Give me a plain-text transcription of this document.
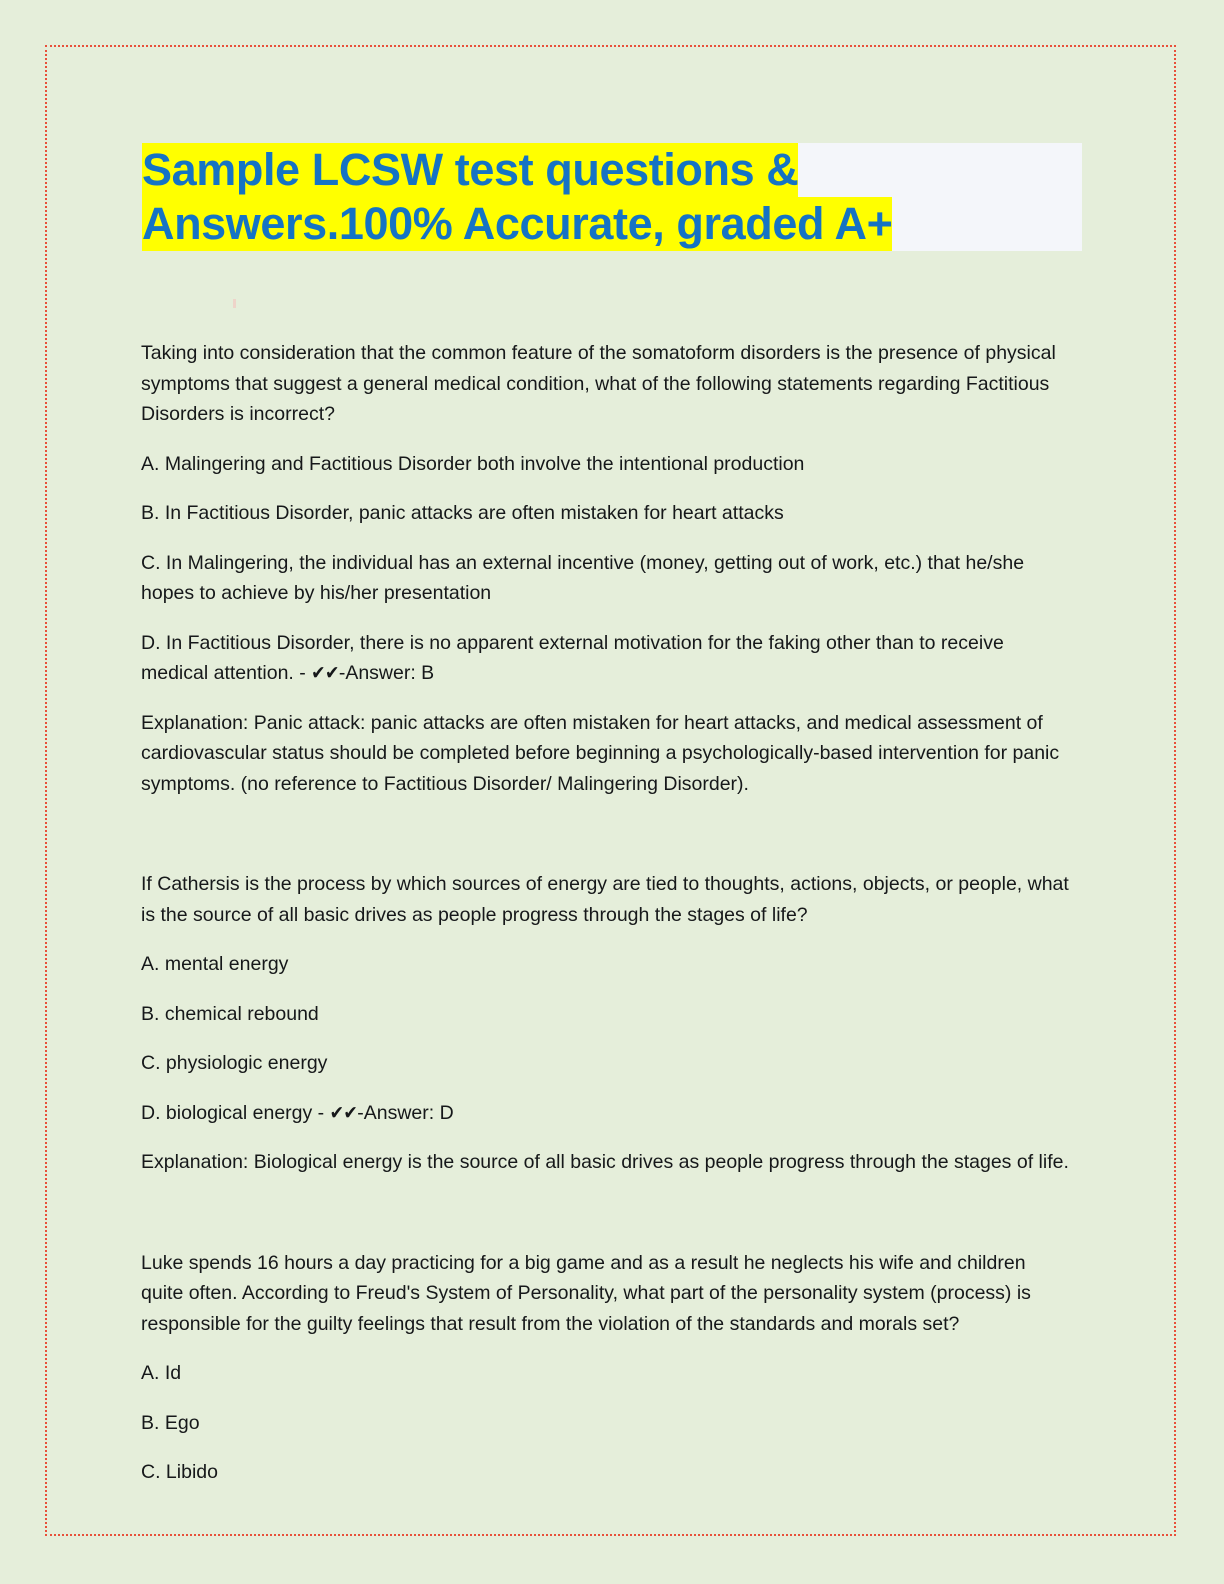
Sample LCSW test questions &
Answers.100% Accurate, graded A+

Taking into consideration that the common feature of the somatoform disorders is the presence of physical symptoms that suggest a general medical condition, what of the following statements regarding Factitious Disorders is incorrect?

A. Malingering and Factitious Disorder both involve the intentional production

B. In Factitious Disorder, panic attacks are often mistaken for heart attacks

C. In Malingering, the individual has an external incentive (money, getting out of work, etc.) that he/she hopes to achieve by his/her presentation

D. In Factitious Disorder, there is no apparent external motivation for the faking other than to receive medical attention. - ✔✔-Answer: B

Explanation: Panic attack: panic attacks are often mistaken for heart attacks, and medical assessment of cardiovascular status should be completed before beginning a psychologically-based intervention for panic symptoms. (no reference to Factitious Disorder/ Malingering Disorder).

If Cathersis is the process by which sources of energy are tied to thoughts, actions, objects, or people, what is the source of all basic drives as people progress through the stages of life?

A. mental energy

B. chemical rebound

C. physiologic energy

D. biological energy - ✔✔-Answer: D

Explanation: Biological energy is the source of all basic drives as people progress through the stages of life.

Luke spends 16 hours a day practicing for a big game and as a result he neglects his wife and children quite often. According to Freud's System of Personality, what part of the personality system (process) is responsible for the guilty feelings that result from the violation of the standards and morals set?

A. Id

B. Ego

C. Libido
